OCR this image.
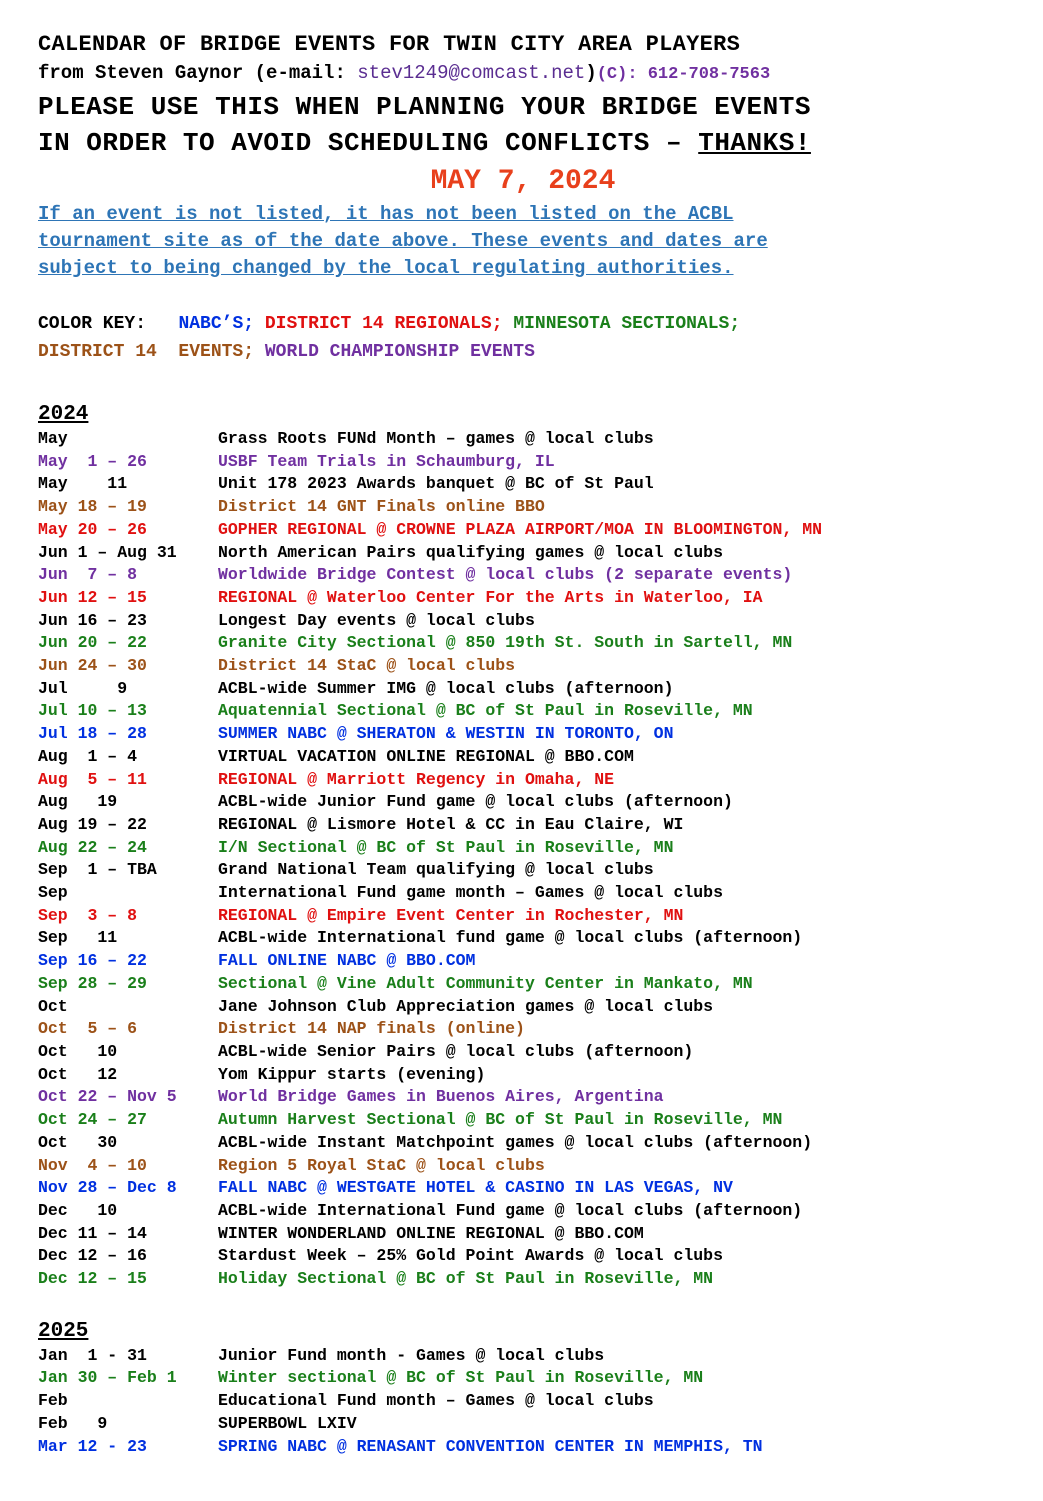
CALENDAR OF BRIDGE EVENTS FOR TWIN CITY AREA PLAYERS
from Steven Gaynor (e-mail: stev1249@comcast.net)(C): 612-708-7563
PLEASE USE THIS WHEN PLANNING YOUR BRIDGE EVENTS
IN ORDER TO AVOID SCHEDULING CONFLICTS – THANKS!
MAY 7, 2024
If an event is not listed, it has not been listed on the ACBL
tournament site as of the date above. These events and dates are
subject to being changed by the local regulating authorities.
COLOR KEY:   NABC’S; DISTRICT 14 REGIONALS; MINNESOTA SECTIONALS;
DISTRICT 14  EVENTS; WORLD CHAMPIONSHIP EVENTS
2024
May	Grass Roots FUNd Month – games @ local clubs
May  1 – 26	USBF Team Trials in Schaumburg, IL
May    11	Unit 178 2023 Awards banquet @ BC of St Paul
May 18 – 19	District 14 GNT Finals online BBO
May 20 – 26	GOPHER REGIONAL @ CROWNE PLAZA AIRPORT/MOA IN BLOOMINGTON, MN
Jun 1 – Aug 31	North American Pairs qualifying games @ local clubs
Jun  7 – 8	Worldwide Bridge Contest @ local clubs (2 separate events)
Jun 12 – 15	REGIONAL @ Waterloo Center For the Arts in Waterloo, IA
Jun 16 – 23	Longest Day events @ local clubs
Jun 20 – 22	Granite City Sectional @ 850 19th St. South in Sartell, MN
Jun 24 – 30	District 14 StaC @ local clubs
Jul     9	ACBL-wide Summer IMG @ local clubs (afternoon)
Jul 10 – 13	Aquatennial Sectional @ BC of St Paul in Roseville, MN
Jul 18 – 28	SUMMER NABC @ SHERATON & WESTIN IN TORONTO, ON
Aug  1 – 4	VIRTUAL VACATION ONLINE REGIONAL @ BBO.COM
Aug  5 – 11	REGIONAL @ Marriott Regency in Omaha, NE
Aug   19	ACBL-wide Junior Fund game @ local clubs (afternoon)
Aug 19 – 22	REGIONAL @ Lismore Hotel & CC in Eau Claire, WI
Aug 22 – 24	I/N Sectional @ BC of St Paul in Roseville, MN
Sep  1 – TBA	Grand National Team qualifying @ local clubs
Sep	International Fund game month – Games @ local clubs
Sep  3 – 8	REGIONAL @ Empire Event Center in Rochester, MN
Sep   11	ACBL-wide International fund game @ local clubs (afternoon)
Sep 16 – 22	FALL ONLINE NABC @ BBO.COM
Sep 28 – 29	Sectional @ Vine Adult Community Center in Mankato, MN
Oct	Jane Johnson Club Appreciation games @ local clubs
Oct  5 – 6	District 14 NAP finals (online)
Oct   10	ACBL-wide Senior Pairs @ local clubs (afternoon)
Oct   12	Yom Kippur starts (evening)
Oct 22 – Nov 5	World Bridge Games in Buenos Aires, Argentina
Oct 24 – 27	Autumn Harvest Sectional @ BC of St Paul in Roseville, MN
Oct   30	ACBL-wide Instant Matchpoint games @ local clubs (afternoon)
Nov  4 – 10	Region 5 Royal StaC @ local clubs
Nov 28 – Dec 8	FALL NABC @ WESTGATE HOTEL & CASINO IN LAS VEGAS, NV
Dec   10	ACBL-wide International Fund game @ local clubs (afternoon)
Dec 11 – 14	WINTER WONDERLAND ONLINE REGIONAL @ BBO.COM
Dec 12 – 16	Stardust Week – 25% Gold Point Awards @ local clubs
Dec 12 – 15	Holiday Sectional @ BC of St Paul in Roseville, MN
2025
Jan  1 - 31	Junior Fund month - Games @ local clubs
Jan 30 – Feb 1	Winter sectional @ BC of St Paul in Roseville, MN
Feb	Educational Fund month – Games @ local clubs
Feb   9	SUPERBOWL LXIV
Mar 12 - 23	SPRING NABC @ RENASANT CONVENTION CENTER IN MEMPHIS, TN
